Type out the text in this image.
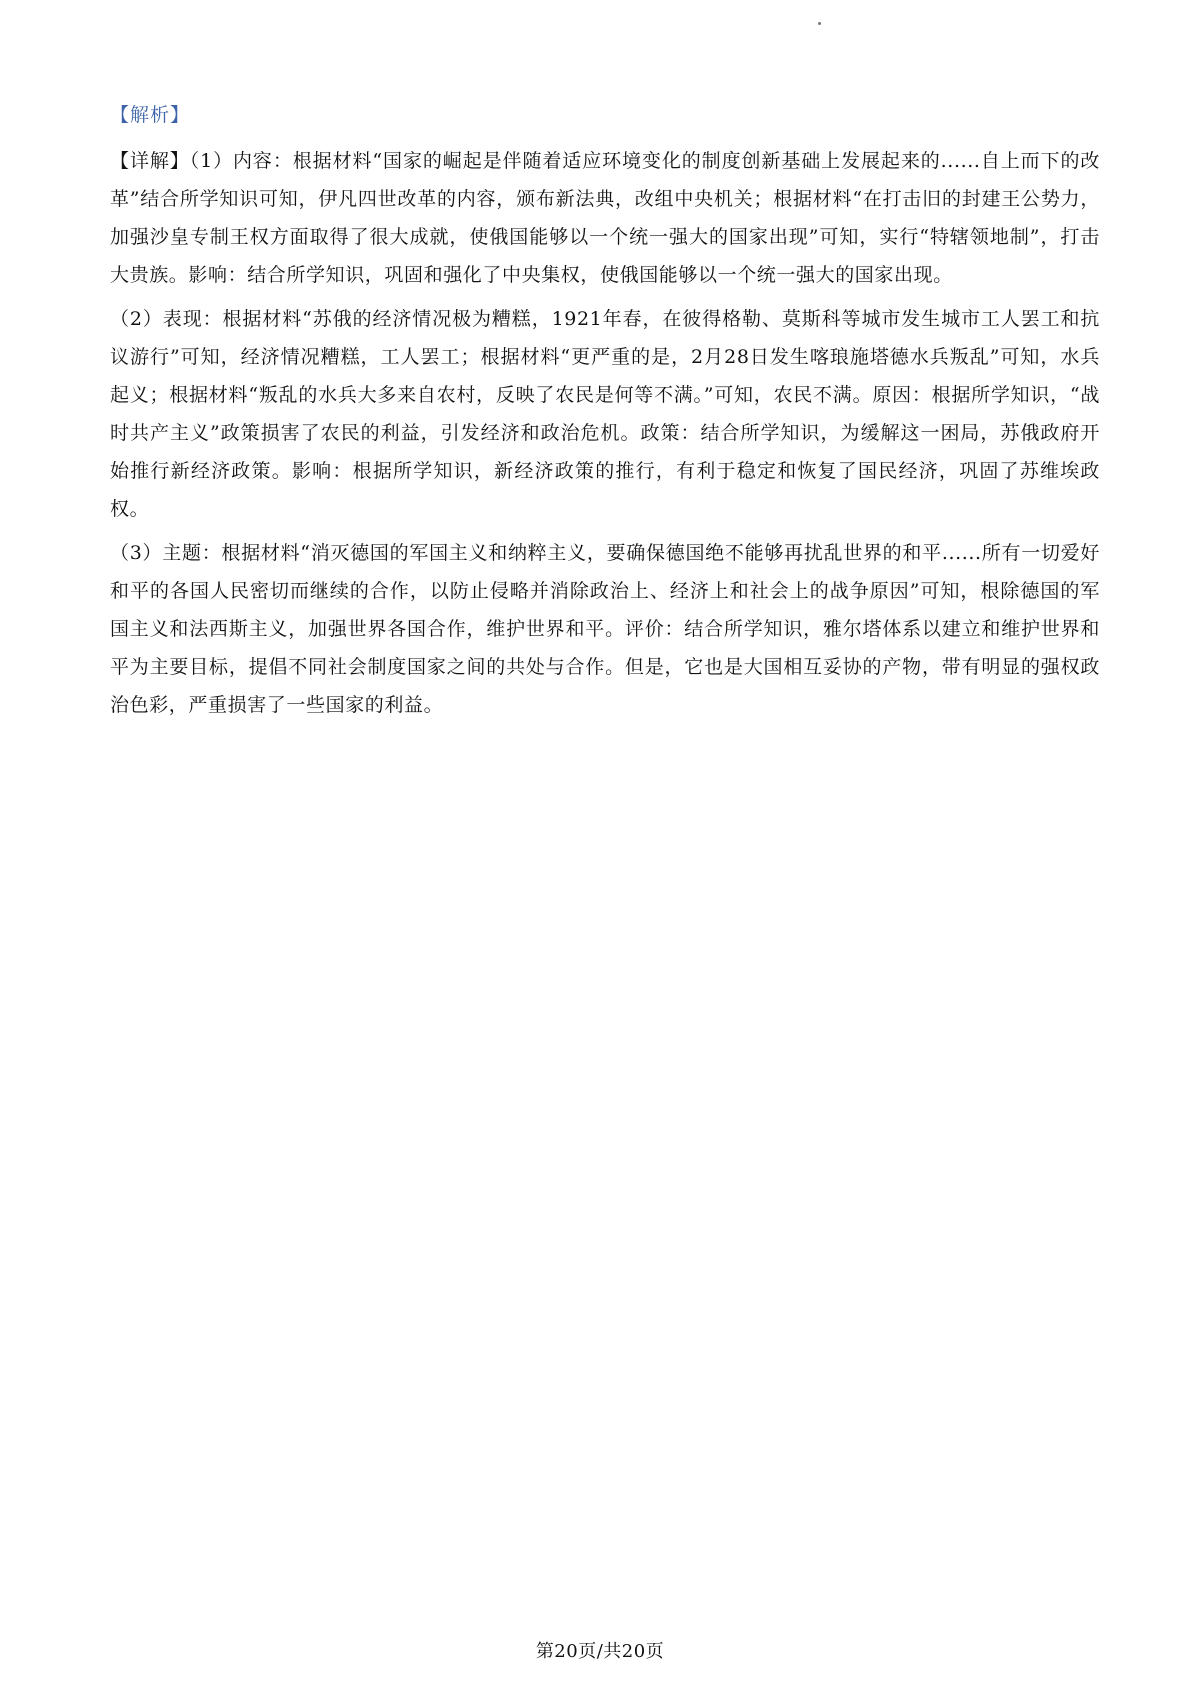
【解析】

【详解】（1）内容：根据材料“国家的崛起是伴随着适应环境变化的制度创新基础上发展起来的......自上而下的改革”结合所学知识可知，伊凡四世改革的内容，颁布新法典，改组中央机关；根据材料“在打击旧的封建王公势力，加强沙皇专制王权方面取得了很大成就，使俄国能够以一个统一强大的国家出现”可知，实行“特辖领地制”，打击大贵族。影响：结合所学知识，巩固和强化了中央集权，使俄国能够以一个统一强大的国家出现。

（2）表现：根据材料“苏俄的经济情况极为糟糕，1921年春，在彼得格勒、莫斯科等城市发生城市工人罢工和抗议游行”可知，经济情况糟糕，工人罢工；根据材料“更严重的是，2月28日发生喀琅施塔德水兵叛乱”可知，水兵起义；根据材料“叛乱的水兵大多来自农村，反映了农民是何等不满。”可知，农民不满。原因：根据所学知识，“战时共产主义”政策损害了农民的利益，引发经济和政治危机。政策：结合所学知识，为缓解这一困局，苏俄政府开始推行新经济政策。影响：根据所学知识，新经济政策的推行，有利于稳定和恢复了国民经济，巩固了苏维埃政权。

（3）主题：根据材料“消灭德国的军国主义和纳粹主义，要确保德国绝不能够再扰乱世界的和平......所有一切爱好和平的各国人民密切而继续的合作，以防止侵略并消除政治上、经济上和社会上的战争原因”可知，根除德国的军国主义和法西斯主义，加强世界各国合作，维护世界和平。评价：结合所学知识，雅尔塔体系以建立和维护世界和平为主要目标，提倡不同社会制度国家之间的共处与合作。但是，它也是大国相互妥协的产物，带有明显的强权政治色彩，严重损害了一些国家的利益。

第20页/共20页
